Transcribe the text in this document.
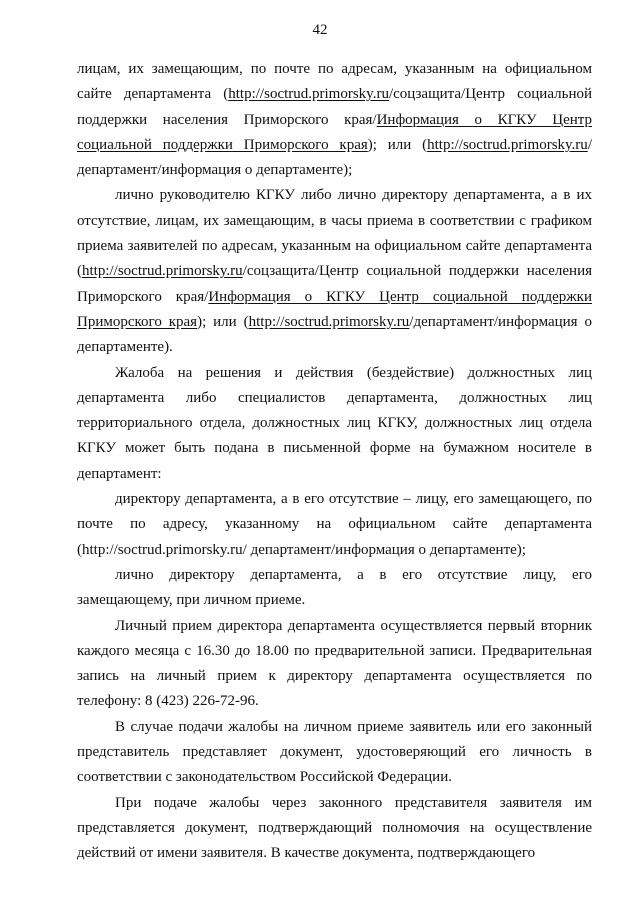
42

лицам, их замещающим, по почте по адресам, указанным на официальном сайте департамента (http://soctrud.primorsky.ru/соцзащита/Центр социальной поддержки населения Приморского края/Информация о КГКУ Центр социальной поддержки Приморского края); или (http://soctrud.primorsky.ru/департамент/информация о департаменте);

лично руководителю КГКУ либо лично директору департамента, а в их отсутствие, лицам, их замещающим, в часы приема в соответствии с графиком приема заявителей по адресам, указанным на официальном сайте департамента (http://soctrud.primorsky.ru/соцзащита/Центр социальной поддержки населения Приморского края/Информация о КГКУ Центр социальной поддержки Приморского края); или (http://soctrud.primorsky.ru/департамент/информация о департаменте).

Жалоба на решения и действия (бездействие) должностных лиц департамента либо специалистов департамента, должностных лиц территориального отдела, должностных лиц КГКУ, должностных лиц отдела КГКУ может быть подана в письменной форме на бумажном носителе в департамент:

директору департамента, а в его отсутствие – лицу, его замещающего, по почте по адресу, указанному на официальном сайте департамента (http://soctrud.primorsky.ru/ департамент/информация о департаменте);

лично директору департамента, а в его отсутствие лицу, его замещающему, при личном приеме.

Личный прием директора департамента осуществляется первый вторник каждого месяца с 16.30 до 18.00 по предварительной записи. Предварительная запись на личный прием к директору департамента осуществляется по телефону: 8 (423) 226-72-96.

В случае подачи жалобы на личном приеме заявитель или его законный представитель представляет документ, удостоверяющий его личность в соответствии с законодательством Российской Федерации.

При подаче жалобы через законного представителя заявителя им представляется документ, подтверждающий полномочия на осуществление действий от имени заявителя. В качестве документа, подтверждающего
